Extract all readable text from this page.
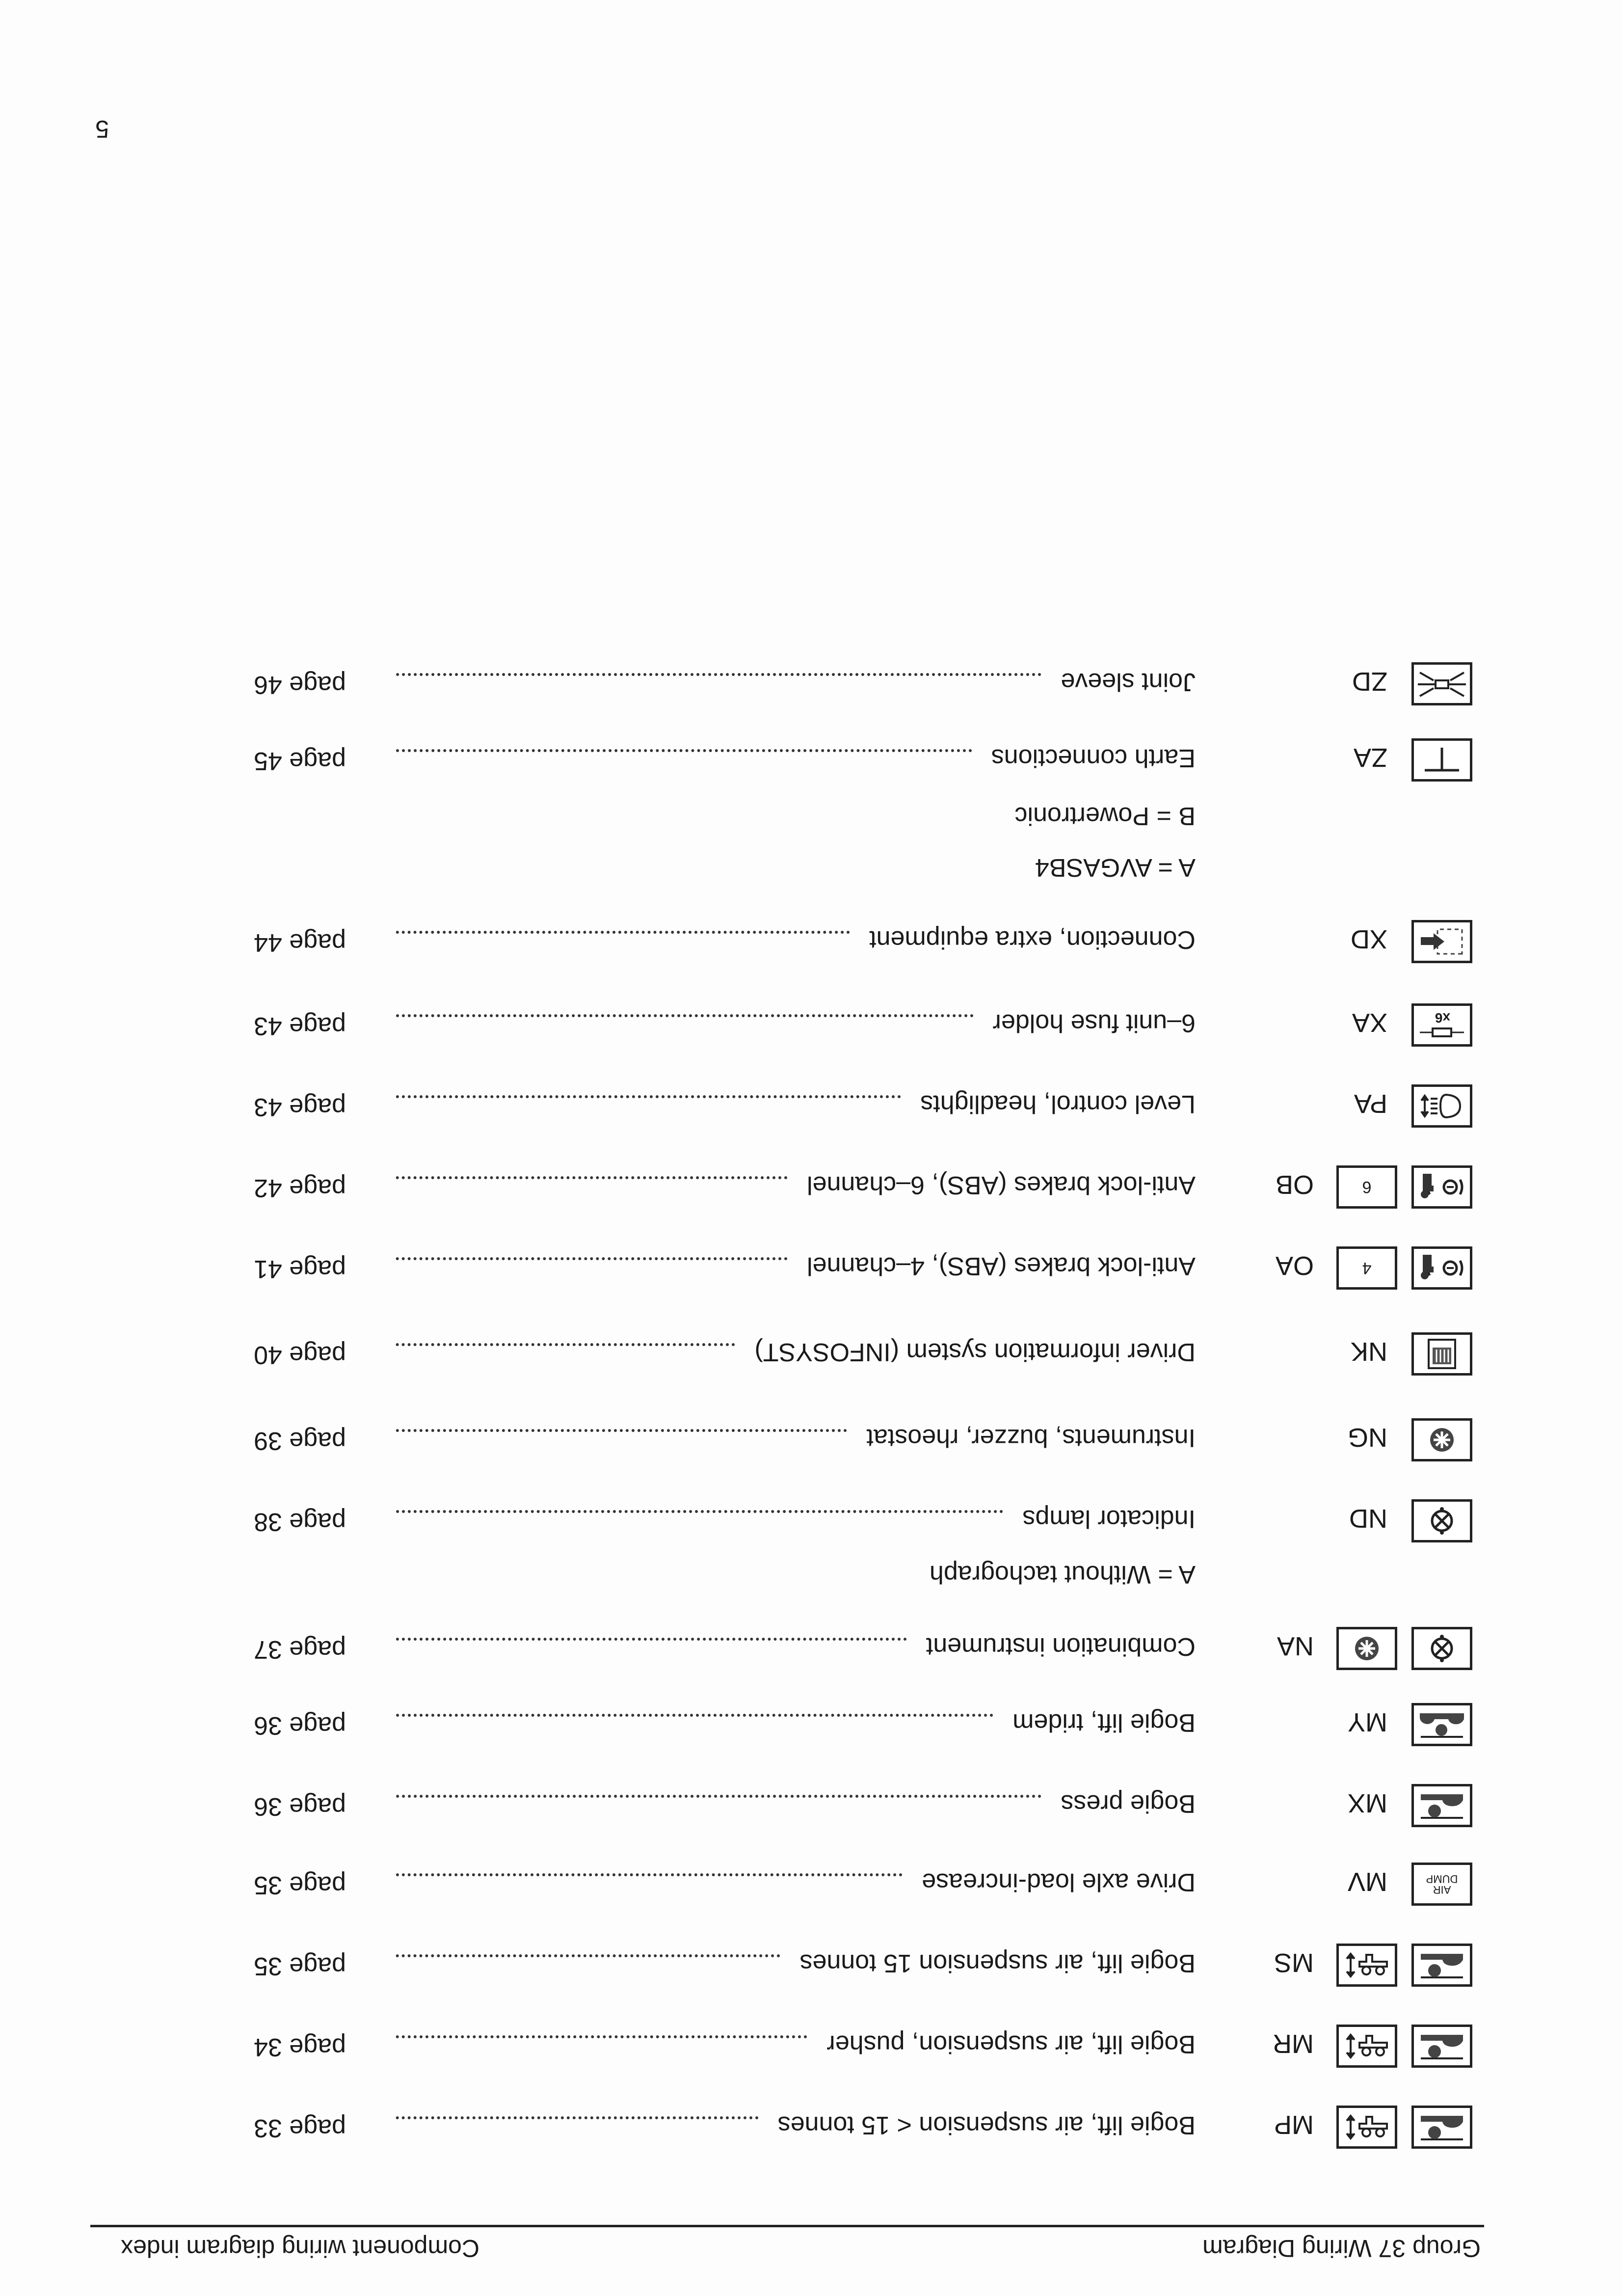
Group 37 Wiring Diagram
Component wiring diagram index
5
MP
Bogie lift, air suspension < 15 tonnes
page 33
MR
Bogie lift, air suspension, pusher
page 34
MS
Bogie lift, air suspension 15 tonnes
page 35
AIR
DUMP
MV
Drive axle load-increase
page 35
MX
Bogie press
page 36
MY
Bogie lift, tridem
page 36
NA
Combination instrument
page 37
ND
Indicator lamps
page 38
NG
Instruments, buzzer, rheostat
page 39
NK
Driver information system (INFOSYST)
page 40
4
OA
Anti-lock brakes (ABS), 4–channel
page 41
6
OB
Anti-lock brakes (ABS), 6–channel
page 42
PA
Level control, headlights
page 43
x6
XA
6–unit fuse holder
page 43
XD
Connection, extra equipment
page 44
ZA
Earth connections
page 45
ZD
Joint sleeve
page 46
A = Without tachograph
A = AVGASB4
B = Powertronic
